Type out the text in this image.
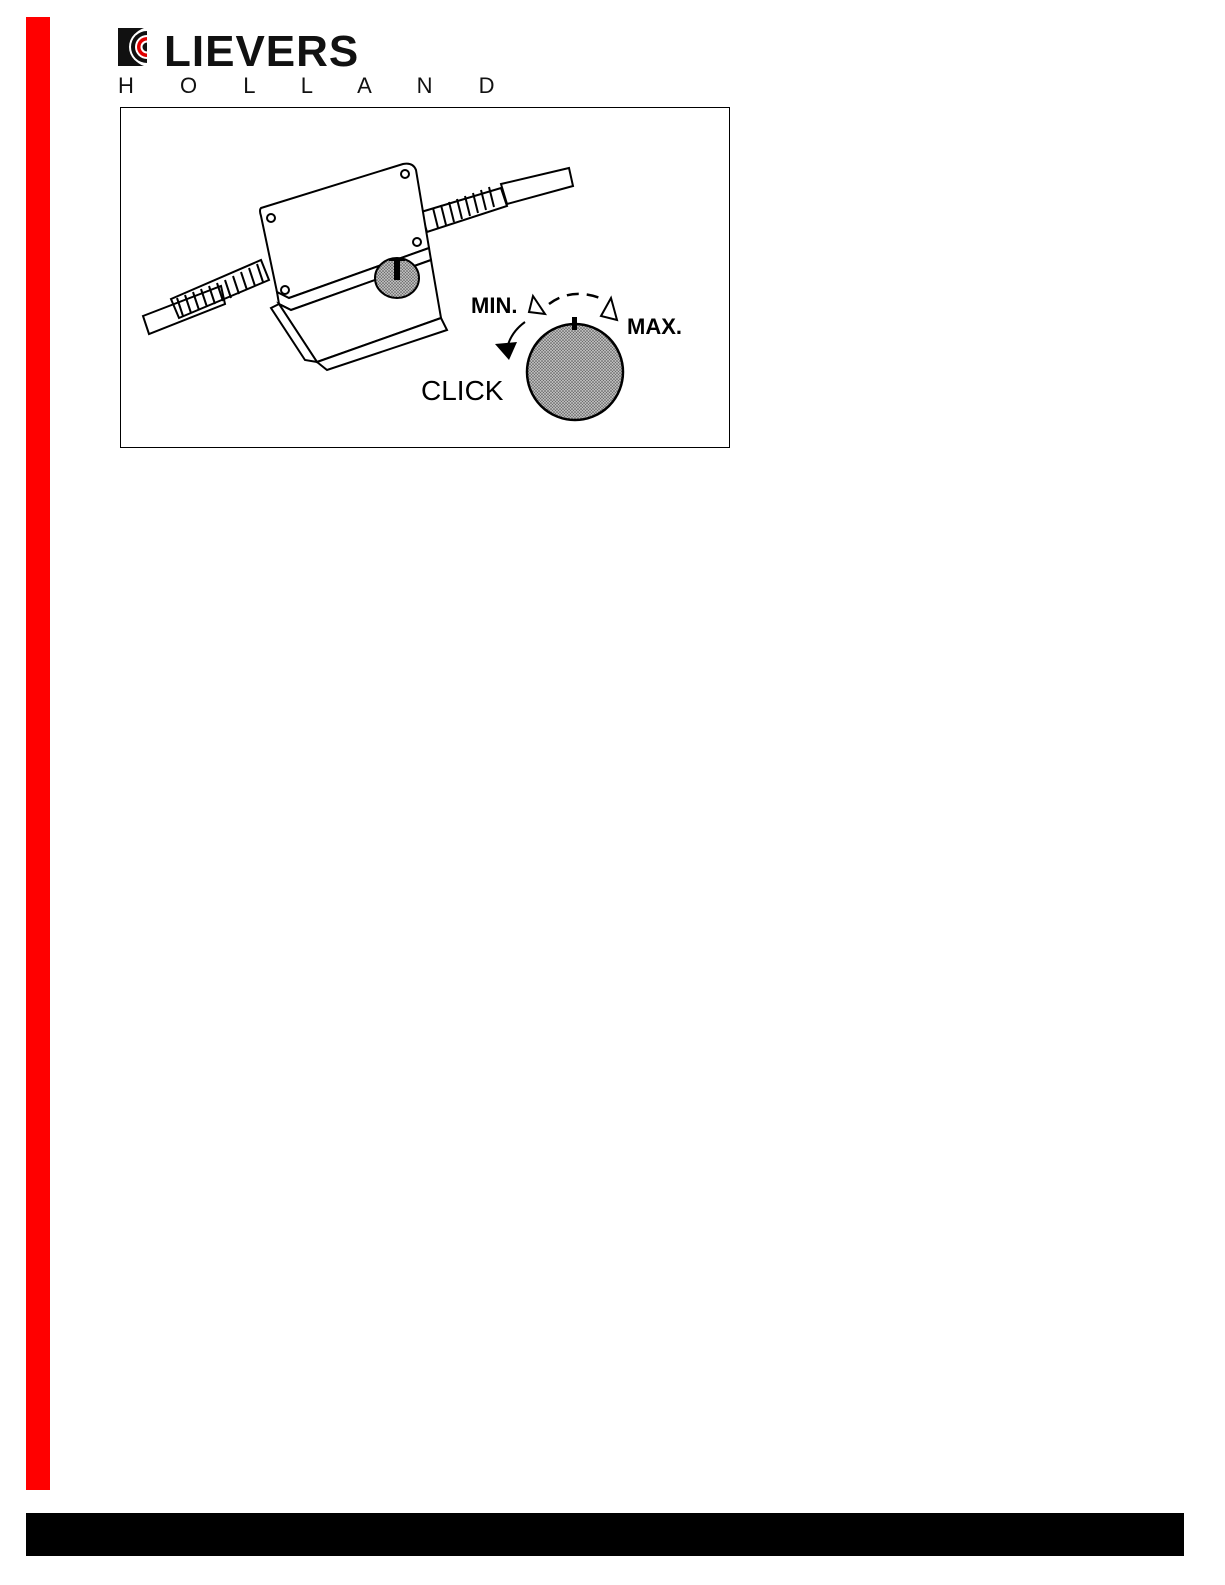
LIEVERS
H O L L A N D
MIN.
MAX.
CLICK
